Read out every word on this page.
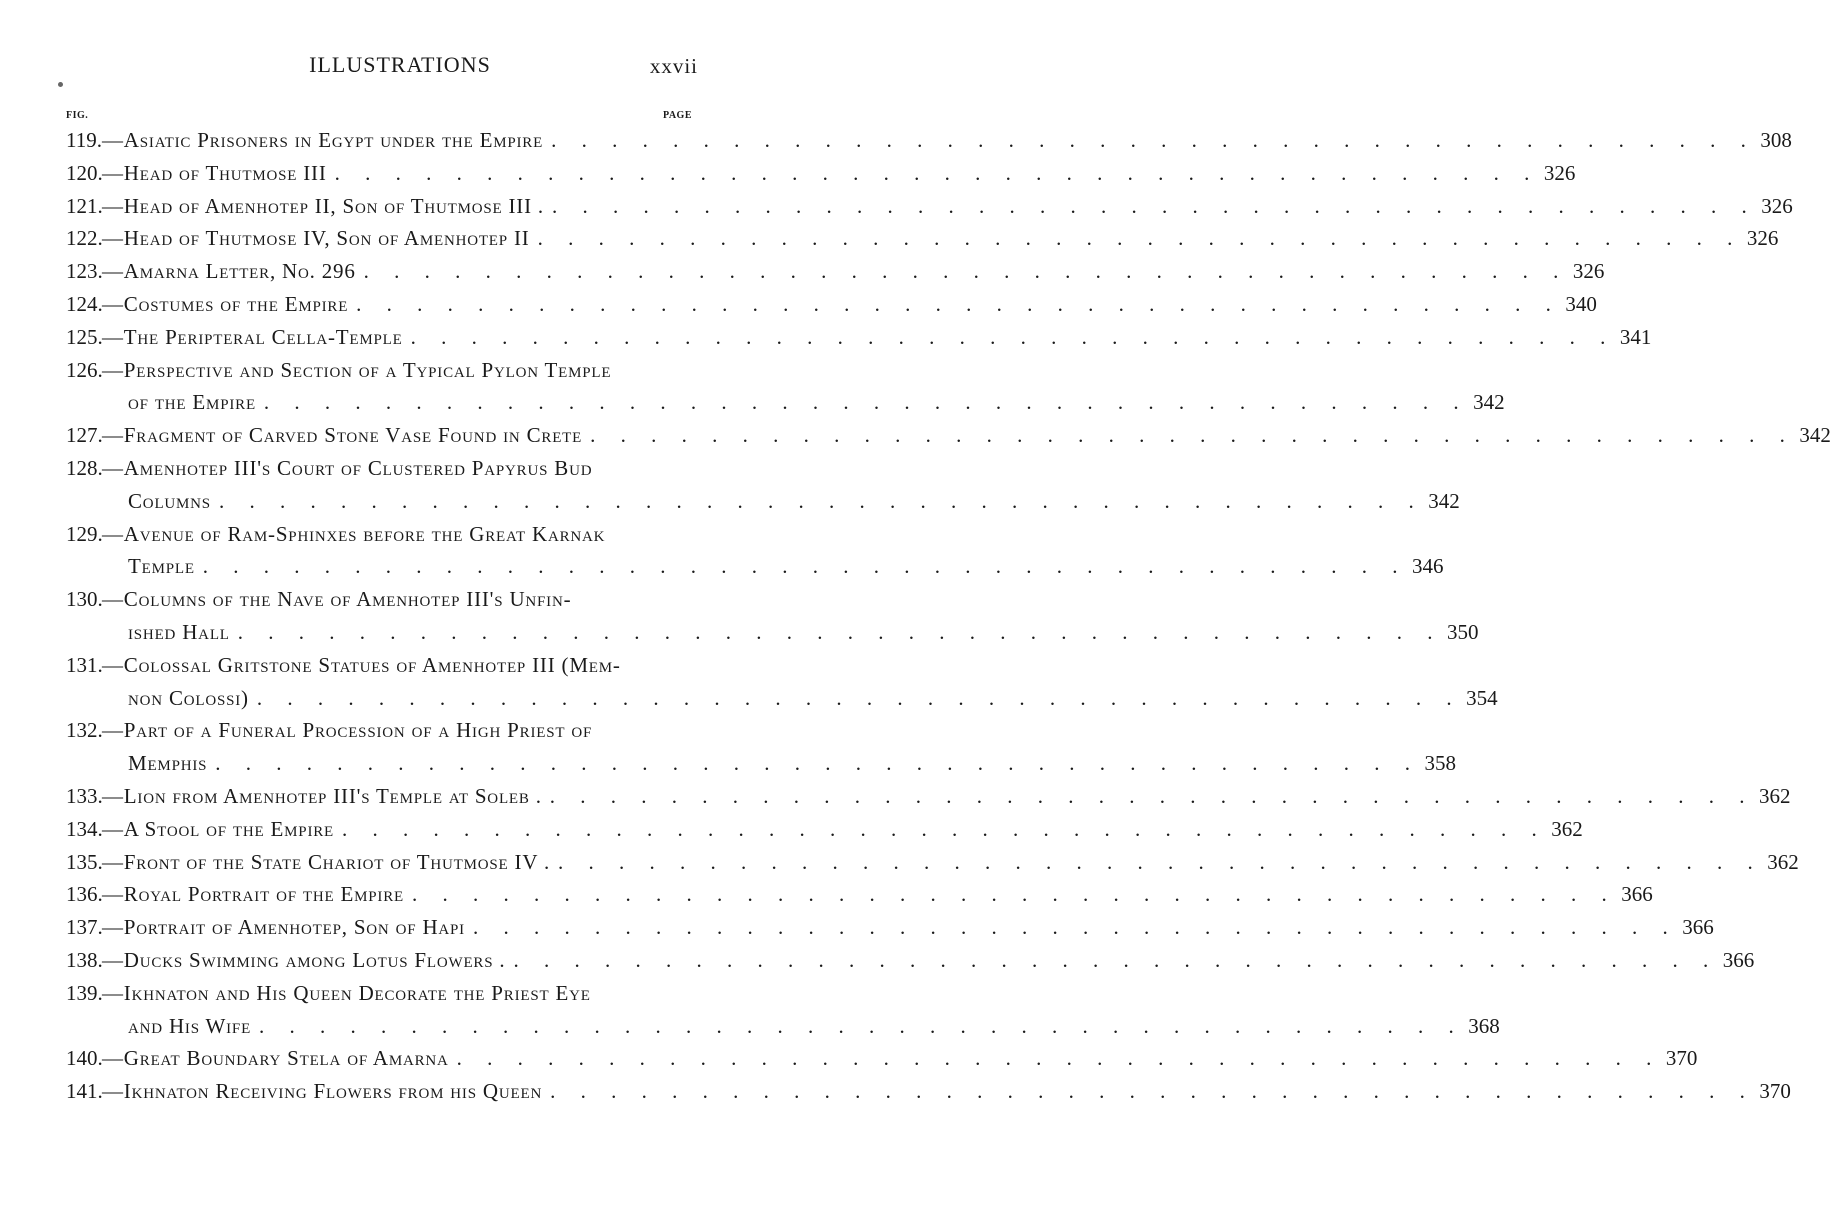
ILLUSTRATIONS	xxvii
FIG.	PAGE
119. —Asiatic Prisoners in Egypt under the Empire . . . . . . . . . . . . . . . . . . . . . . . . . . . . . . . . . . . . . . . . 308
120. —Head of Thutmose III . . . . . . . . . . . . . . . . . . . . . . . . . . . . . . . . . . . . . . . . 326
121. —Head of Amenhotep II, Son of Thutmose III . . . . . . . . . . . . . . . . . . . . . . . . . . . . . . . . . . . . . . . . . 326
122. —Head of Thutmose IV, Son of Amenhotep II . . . . . . . . . . . . . . . . . . . . . . . . . . . . . . . . . . . . . . . . 326
123. —Amarna Letter, No. 296 . . . . . . . . . . . . . . . . . . . . . . . . . . . . . . . . . . . . . . . . 326
124. —Costumes of the Empire . . . . . . . . . . . . . . . . . . . . . . . . . . . . . . . . . . . . . . . . 340
125. —The Peripteral Cella-Temple . . . . . . . . . . . . . . . . . . . . . . . . . . . . . . . . . . . . . . . . 341
126. —Perspective and Section of a Typical Pylon Temple
of the Empire . . . . . . . . . . . . . . . . . . . . . . . . . . . . . . . . . . . . . . . . 342
127. —Fragment of Carved Stone Vase Found in Crete . . . . . . . . . . . . . . . . . . . . . . . . . . . . . . . . . . . . . . . . 342
128. —Amenhotep III's Court of Clustered Papyrus Bud
Columns . . . . . . . . . . . . . . . . . . . . . . . . . . . . . . . . . . . . . . . . 342
129. —Avenue of Ram-Sphinxes before the Great Karnak
Temple . . . . . . . . . . . . . . . . . . . . . . . . . . . . . . . . . . . . . . . . 346
130. —Columns of the Nave of Amenhotep III's Unfin-
ished Hall . . . . . . . . . . . . . . . . . . . . . . . . . . . . . . . . . . . . . . . . 350
131. —Colossal Gritstone Statues of Amenhotep III (Mem-
non Colossi) . . . . . . . . . . . . . . . . . . . . . . . . . . . . . . . . . . . . . . . . 354
132. —Part of a Funeral Procession of a High Priest of
Memphis . . . . . . . . . . . . . . . . . . . . . . . . . . . . . . . . . . . . . . . . 358
133. —Lion from Amenhotep III's Temple at Soleb . . . . . . . . . . . . . . . . . . . . . . . . . . . . . . . . . . . . . . . . . 362
134. —A Stool of the Empire . . . . . . . . . . . . . . . . . . . . . . . . . . . . . . . . . . . . . . . . 362
135. —Front of the State Chariot of Thutmose IV . . . . . . . . . . . . . . . . . . . . . . . . . . . . . . . . . . . . . . . . . 362
136. —Royal Portrait of the Empire . . . . . . . . . . . . . . . . . . . . . . . . . . . . . . . . . . . . . . . . 366
137. —Portrait of Amenhotep, Son of Hapi . . . . . . . . . . . . . . . . . . . . . . . . . . . . . . . . . . . . . . . . 366
138. —Ducks Swimming among Lotus Flowers . . . . . . . . . . . . . . . . . . . . . . . . . . . . . . . . . . . . . . . . . 366
139. —Ikhnaton and His Queen Decorate the Priest Eye
and His Wife . . . . . . . . . . . . . . . . . . . . . . . . . . . . . . . . . . . . . . . . 368
140. —Great Boundary Stela of Amarna . . . . . . . . . . . . . . . . . . . . . . . . . . . . . . . . . . . . . . . . 370
141. —Ikhnaton Receiving Flowers from his Queen . . . . . . . . . . . . . . . . . . . . . . . . . . . . . . . . . . . . . . . . 370
